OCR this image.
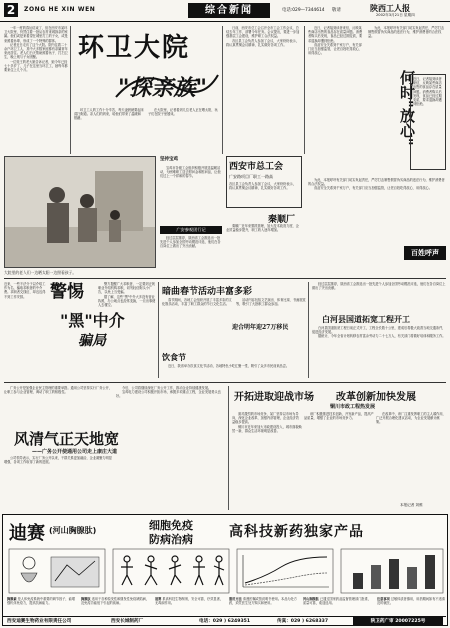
2	ZONG HE XIN WEN	综合新闻	电话:029—7344614 敬请	陕西工人报
2002年3月21日 星期四

一年一度的春运结束了，但在西安市某环卫大院里，仍然住着一批从农村来城探亲的家属。他们或是来看望在城里打工的子女，或是来照看孙辈，形成了一个特殊的群体。

记者近日走访了这个大院。院内住着二十余户环卫工人，其中大多数家庭都有亲属常年来此居住。老人们白天帮助照看孩子、打扫卫生，晚上则与子女团聚。

一位姓王的老大娘告诉记者，她今年已经七十多岁了，儿子在这里当环卫工，她每年都要来住上几个月。

环卫大院
"探亲族"

环卫工人的工作十分辛苦，每天凌晨就要起床清扫街道。亲人们的到来，给他们带来了温暖和慰藉。

在大院里，记者看到几位老人正在晒太阳，孩子们在院子里嬉戏。

日前，西安市总工会召开全市工会工作会议，总结去年工作，部署今年任务。会议提出，要进一步加强基层工会建设，维护职工合法权益。

各区县工会负责人参加了会议，大家纷纷表示，将认真贯彻会议精神，扎实做好各项工作。

近日，记者接到读者来信，反映某些商店出售的食品存在质量问题。消费者购买后发现，食品已经过期变质，要求退换却遭到拒绝。

食品安全关系到千家万户，有关部门应当加强监管，让老百姓吃得放心、用得放心。

为此，本报呼吁有关部门切实负起责任，严厉打击制售假冒伪劣商品的违法行为，维护消费者的合法权益。

何时"放心"
近日，记者接到读者来信，反映某些商店出售的食品存在质量问题。消费者购买后发现，食品已经过期变质，要求退换却遭到拒绝。
大院里的老人们一边晒太阳一边照看孩子。
坚持宝鸡

宝鸡市各级工会组织积极开展送温暖活动，为困难职工送去慰问金和慰问品，让他们过上一个祥和的春节。

西安市总工会
广安路项目厂职工一路高
各区县工会负责人参加了会议，大家纷纷表示，将认真贯彻会议精神，扎实做好各项工作。
秦顺厂

秦顺厂近年来狠抓管理，加大技术改造力度，企业效益稳步提升，职工收入逐年增加。

广安参观团行记

经过层层推荐，陕西省工会推选出一批先进个人参加全国劳动模范评选，他们在各自岗位上做出了突出贡献。

为此，本报呼吁有关部门切实负起责任，严厉打击制售假冒伪劣商品的违法行为，维护消费者的合法权益。

食品安全关系到千家万户，有关部门应当加强监管，让老百姓吃得放心、用得放心。

百姓呼声
近来，一些不法分子以介绍工作为名，骗取求职者的中介费。求职者交钱后，却迟迟得不到工作安排。	警惕
"黑"中介
骗局

警方提醒广大求职者，一定要到正规职业介绍机构求职，切勿轻信街头小广告，以免上当受骗。

据了解，这些"黑"中介大多没有营业执照，办公地点也经常变换，一旦出事便人去楼空。

暗曲春节活动丰富多彩

春节期间，各地工会组织开展了丰富多彩的文化娱乐活动，丰富了职工群众的节日文化生活。

活动内容包括文艺演出、体育比赛、书画展览等，吸引了大批职工群众参加。

饮食节

近日，我省举办饮食文化节活动，各地特色小吃汇聚一堂，吸引了众多市民前来品尝。

迎合明年迎27万移民

经过层层推荐，陕西省工会推选出一批先进个人参加全国劳动模范评选，他们在各自岗位上做出了突出贡献。

白河县国道拓宽工程开工

白河县国道拓宽工程日前正式开工，工程全长数十公里，建成后将极大改善当地交通条件，促进经济发展。

据统计，今年全省计划转移农村富余劳动力二十七万人，有关部门将做好培训和服务工作。

广务公开是加强企业民主管理的重要举措。通用公司坚持实行厂务公开，让职工参与企业管理，调动了职工的积极性。

风清气正天地宽
——广务公开使通用公司走上康庄大道

公司领导表示，实行厂务公开以来，干群关系更加融洽，企业凝聚力明显增强，各项工作取得了新的进展。

今后，公司将继续深化厂务公开工作，推动企业持续健康发展。

宝鸡电力建设公司积极开拓市场，承揽多项重点工程，企业发展势头良好。	开拓进取迎战市场 改革创新加快发展
铜川市政工程热发展

面对激烈的市场竞争，某厂坚持以市场为导向，深化企业改革，加强内部管理，企业经济效益稳步提高。

铜川市近年来加大市政建设投入，城市面貌焕然一新，群众生活环境明显改善。

该厂积极推进技术创新，开发新产品，提高产品质量，增强了企业的市场竞争力。

在改革中，该厂注重发挥职工的主人翁作用，广泛开展合理化建议活动，为企业发展献计献策。

本报记者 刘维
迪赛 (河山胸腺肽)	细胞免疫
防病治病	高科技新药独家产品
胸腺素 是人体免疫系统中重要的调节因子，能增强机体免疫力，提高抗病能力。
胸腺肽 适用于各种原发性和继发性免疫缺陷病，及免疫功能低下引起的疾病。
迪赛 系高科技生物制剂，安全可靠，疗效显著，无毒副作用。
服用方法 请遵医嘱或按说明书使用。本品为处方药，须凭医生处方购买和使用。
河山胸腺肽 已通过国家药品监督管理部门批准，质量可靠，欢迎选用。
注意事项 过敏体质者慎用，用药期间如有不适请及时就医。
西安迪赛生物药业有限责任公司	西安长城制药厂	电话：029 ) 6249351	传真：029 ) 6268337	陕卫药广审 20007225号
